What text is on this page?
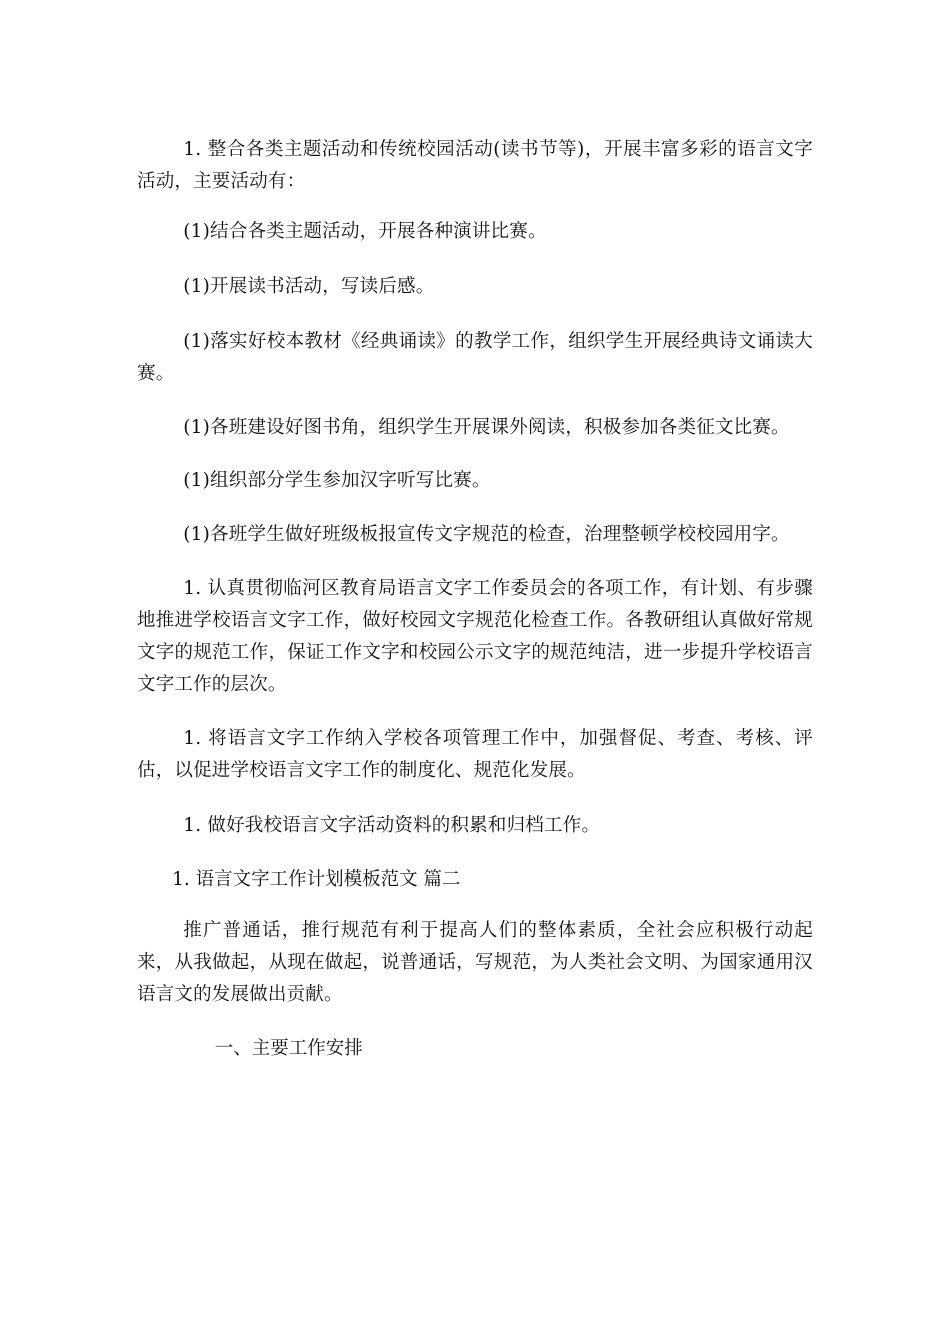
1. 整合各类主题活动和传统校园活动(读书节等)，开展丰富多彩的语言文字活动，主要活动有：

(1)结合各类主题活动，开展各种演讲比赛。

(1)开展读书活动，写读后感。

(1)落实好校本教材《经典诵读》的教学工作，组织学生开展经典诗文诵读大赛。

(1)各班建设好图书角，组织学生开展课外阅读，积极参加各类征文比赛。

(1)组织部分学生参加汉字听写比赛。

(1)各班学生做好班级板报宣传文字规范的检查，治理整顿学校校园用字。

1. 认真贯彻临河区教育局语言文字工作委员会的各项工作，有计划、有步骤地推进学校语言文字工作，做好校园文字规范化检查工作。各教研组认真做好常规文字的规范工作，保证工作文字和校园公示文字的规范纯洁，进一步提升学校语言文字工作的层次。

1. 将语言文字工作纳入学校各项管理工作中，加强督促、考查、考核、评估，以促进学校语言文字工作的制度化、规范化发展。

1. 做好我校语言文字活动资料的积累和归档工作。

1. 语言文字工作计划模板范文 篇二

推广普通话，推行规范有利于提高人们的整体素质，全社会应积极行动起来，从我做起，从现在做起，说普通话，写规范，为人类社会文明、为国家通用汉语言文的发展做出贡献。

一、主要工作安排
